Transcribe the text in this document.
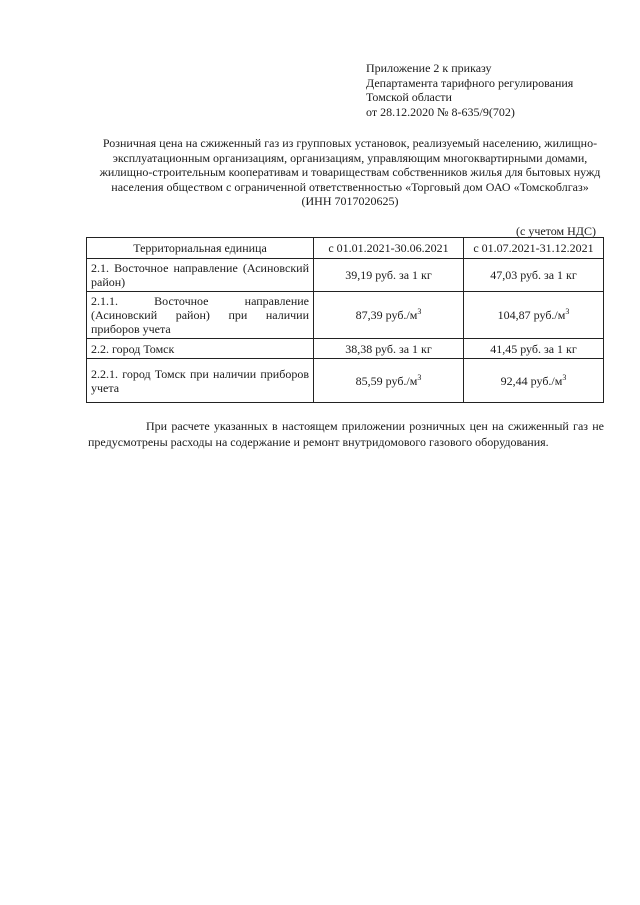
Приложение 2 к приказу
Департамента тарифного регулирования
Томской области
от 28.12.2020 № 8-635/9(702)
Розничная цена на сжиженный газ из групповых установок, реализуемый населению, жилищно-эксплуатационным организациям, организациям, управляющим многоквартирными домами, жилищно-строительным кооперативам и товариществам собственников жилья для бытовых нужд населения обществом с ограниченной ответственностью «Торговый дом ОАО «Томскоблгаз» (ИНН 7017020625)
(с учетом НДС)
Территориальная единица	с 01.01.2021-30.06.2021	с 01.07.2021-31.12.2021
2.1. Восточное направление (Асиновский район)	39,19 руб. за 1 кг	47,03 руб. за 1 кг
2.1.1. Восточное направление (Асиновский район) при наличии приборов учета	87,39 $руб./м^3$	104,87 $руб./м^3$
2.2. город Томск	38,38 руб. за 1 кг	41,45 руб. за 1 кг
2.2.1. город Томск при наличии приборов учета	85,59 $руб./м^3$	92,44 $руб./м^3$
При расчете указанных в настоящем приложении розничных цен на сжиженный газ не предусмотрены расходы на содержание и ремонт внутридомового газового оборудования.
